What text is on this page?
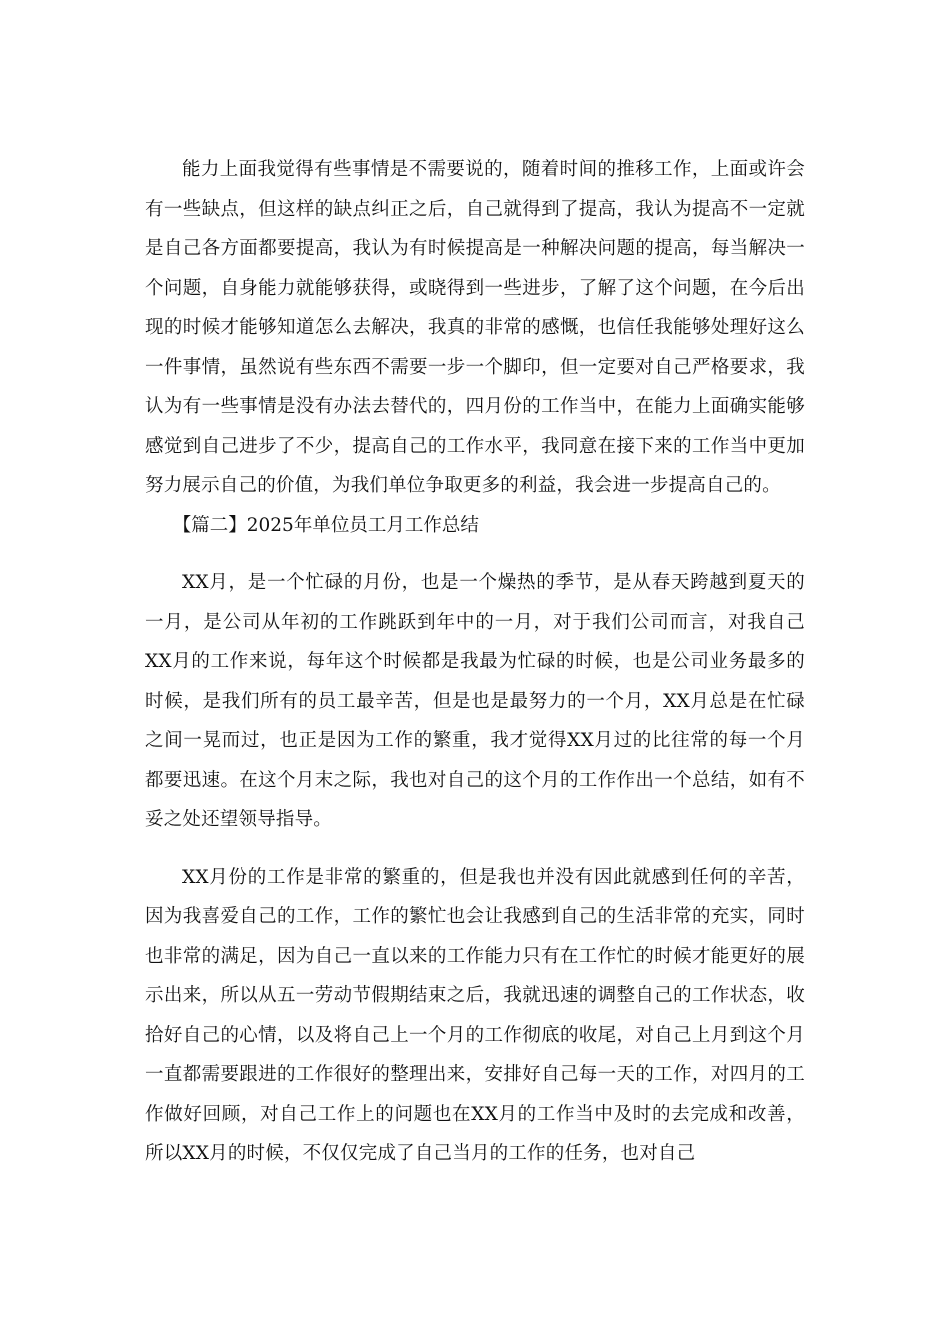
能力上面我觉得有些事情是不需要说的，随着时间的推移工作，上面或许会有一些缺点，但这样的缺点纠正之后，自己就得到了提高，我认为提高不一定就是自己各方面都要提高，我认为有时候提高是一种解决问题的提高，每当解决一个问题，自身能力就能够获得，或晓得到一些进步，了解了这个问题，在今后出现的时候才能够知道怎么去解决，我真的非常的感慨，也信任我能够处理好这么一件事情，虽然说有些东西不需要一步一个脚印，但一定要对自己严格要求，我认为有一些事情是没有办法去替代的，四月份的工作当中，在能力上面确实能够感觉到自己进步了不少，提高自己的工作水平，我同意在接下来的工作当中更加努力展示自己的价值，为我们单位争取更多的利益，我会进一步提高自己的。

【篇二】2025年单位员工月工作总结

XX月，是一个忙碌的月份，也是一个燥热的季节，是从春天跨越到夏天的一月，是公司从年初的工作跳跃到年中的一月，对于我们公司而言，对我自己XX月的工作来说，每年这个时候都是我最为忙碌的时候，也是公司业务最多的时候，是我们所有的员工最辛苦，但是也是最努力的一个月，XX月总是在忙碌之间一晃而过，也正是因为工作的繁重，我才觉得XX月过的比往常的每一个月都要迅速。在这个月末之际，我也对自己的这个月的工作作出一个总结，如有不妥之处还望领导指导。

XX月份的工作是非常的繁重的，但是我也并没有因此就感到任何的辛苦，因为我喜爱自己的工作，工作的繁忙也会让我感到自己的生活非常的充实，同时也非常的满足，因为自己一直以来的工作能力只有在工作忙的时候才能更好的展示出来，所以从五一劳动节假期结束之后，我就迅速的调整自己的工作状态，收拾好自己的心情，以及将自己上一个月的工作彻底的收尾，对自己上月到这个月一直都需要跟进的工作很好的整理出来，安排好自己每一天的工作，对四月的工作做好回顾，对自己工作上的问题也在XX月的工作当中及时的去完成和改善，所以XX月的时候，不仅仅完成了自己当月的工作的任务，也对自己
